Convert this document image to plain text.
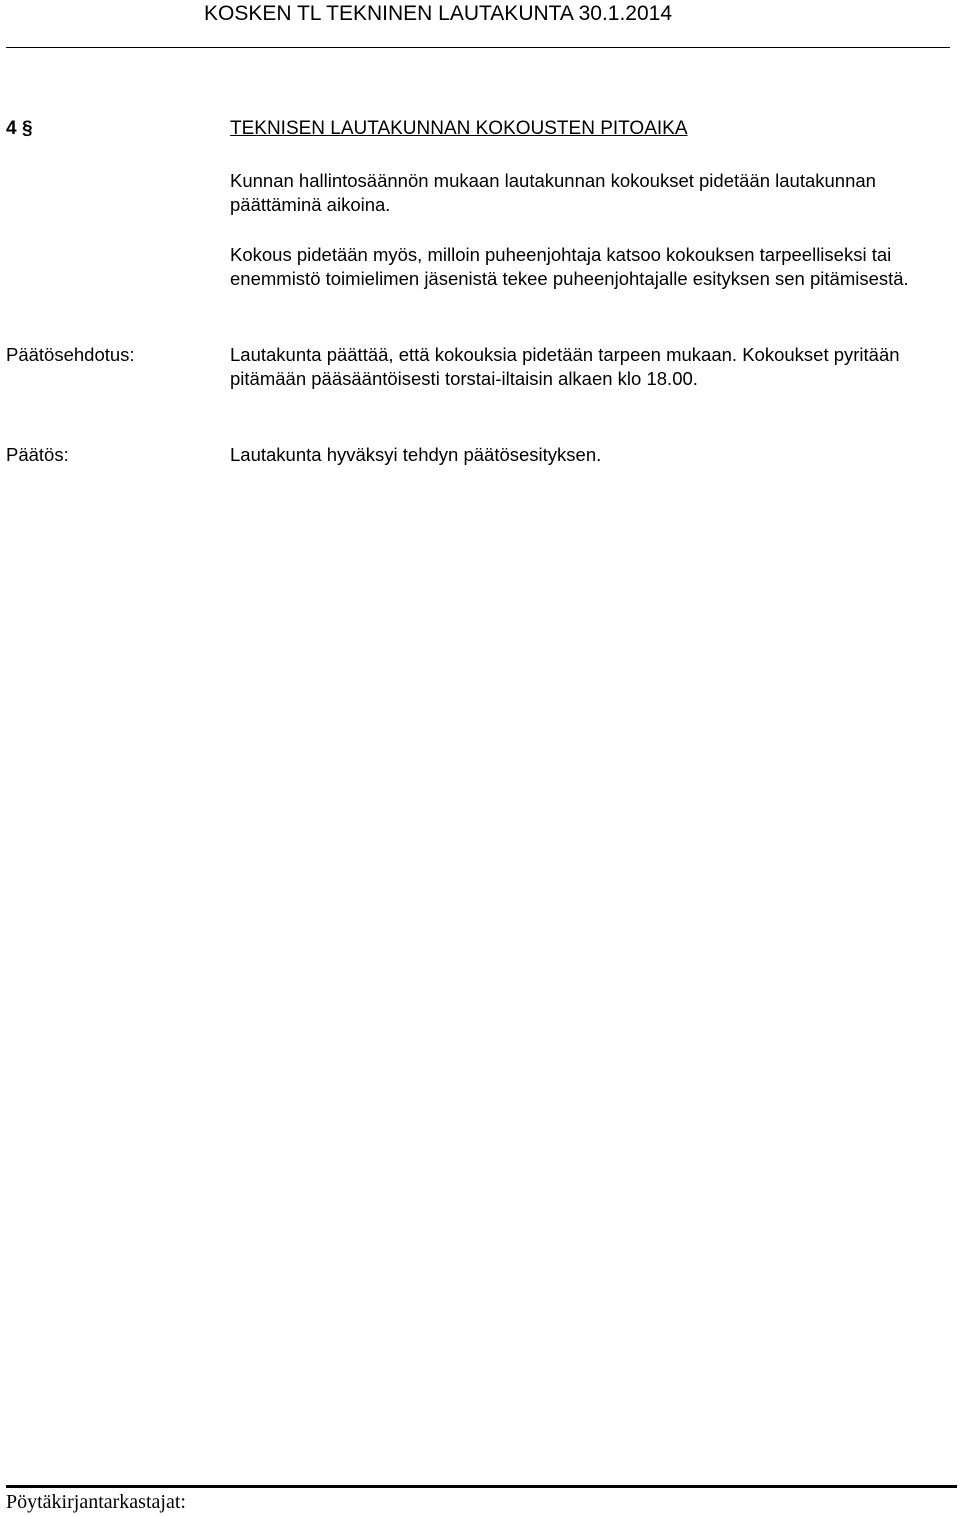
KOSKEN TL TEKNINEN LAUTAKUNTA 30.1.2014
4 §	TEKNISEN LAUTAKUNNAN KOKOUSTEN PITOAIKA

Kunnan hallintosäännön mukaan lautakunnan kokoukset pidetään lautakunnan päättäminä aikoina.

Kokous pidetään myös, milloin puheenjohtaja katsoo kokouksen tarpeelliseksi tai enemmistö toimielimen jäsenistä tekee puheenjohtajalle esityksen sen pitämisestä.

Päätösehdotus:	Lautakunta päättää, että kokouksia pidetään tarpeen mukaan. Kokoukset pyritään pitämään pääsääntöisesti torstai-iltaisin alkaen klo 18.00.

Päätös:	Lautakunta hyväksyi tehdyn päätösesityksen.

Pöytäkirjantarkastajat:
